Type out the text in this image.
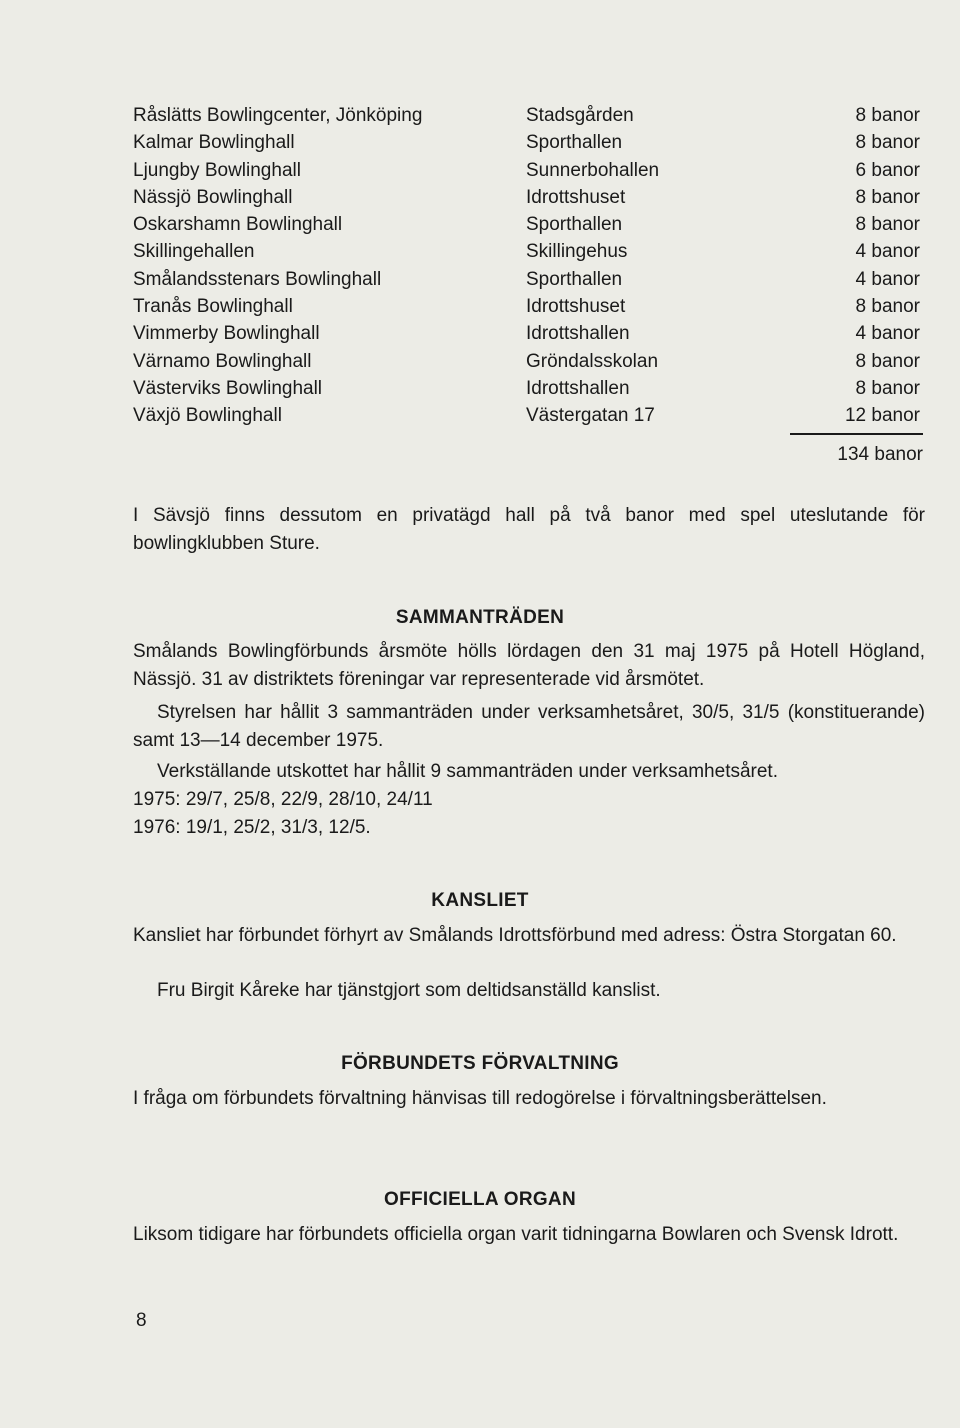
Råslätts Bowlingcenter, Jönköping	Stadsgården	8 banor
Kalmar Bowlinghall	Sporthallen	8 banor
Ljungby Bowlinghall	Sunnerbohallen	6 banor
Nässjö Bowlinghall	Idrottshuset	8 banor
Oskarshamn Bowlinghall	Sporthallen	8 banor
Skillingehallen	Skillingehus	4 banor
Smålandsstenars Bowlinghall	Sporthallen	4 banor
Tranås Bowlinghall	Idrottshuset	8 banor
Vimmerby Bowlinghall	Idrottshallen	4 banor
Värnamo Bowlinghall	Gröndalsskolan	8 banor
Västerviks Bowlinghall	Idrottshallen	8 banor
Växjö Bowlinghall	Västergatan 17	12 banor
134 banor
I Sävsjö finns dessutom en privatägd hall på två banor med spel uteslutande för bowlingklubben Sture.
SAMMANTRÄDEN
Smålands Bowlingförbunds årsmöte hölls lördagen den 31 maj 1975 på Hotell Högland, Nässjö. 31 av distriktets föreningar var representerade vid årsmötet.
Styrelsen har hållit 3 sammanträden under verksamhetsåret, 30/5, 31/5 (konstituerande) samt 13—14 december 1975.
Verkställande utskottet har hållit 9 sammanträden under verksamhetsåret.
1975: 29/7, 25/8, 22/9, 28/10, 24/11
1976: 19/1, 25/2, 31/3, 12/5.
KANSLIET
Kansliet har förbundet förhyrt av Smålands Idrottsförbund med adress: Östra Storgatan 60.
Fru Birgit Kåreke har tjänstgjort som deltidsanställd kanslist.
FÖRBUNDETS FÖRVALTNING
I fråga om förbundets förvaltning hänvisas till redogörelse i förvaltningsberättelsen.
OFFICIELLA ORGAN
Liksom tidigare har förbundets officiella organ varit tidningarna Bowlaren och Svensk Idrott.
8
